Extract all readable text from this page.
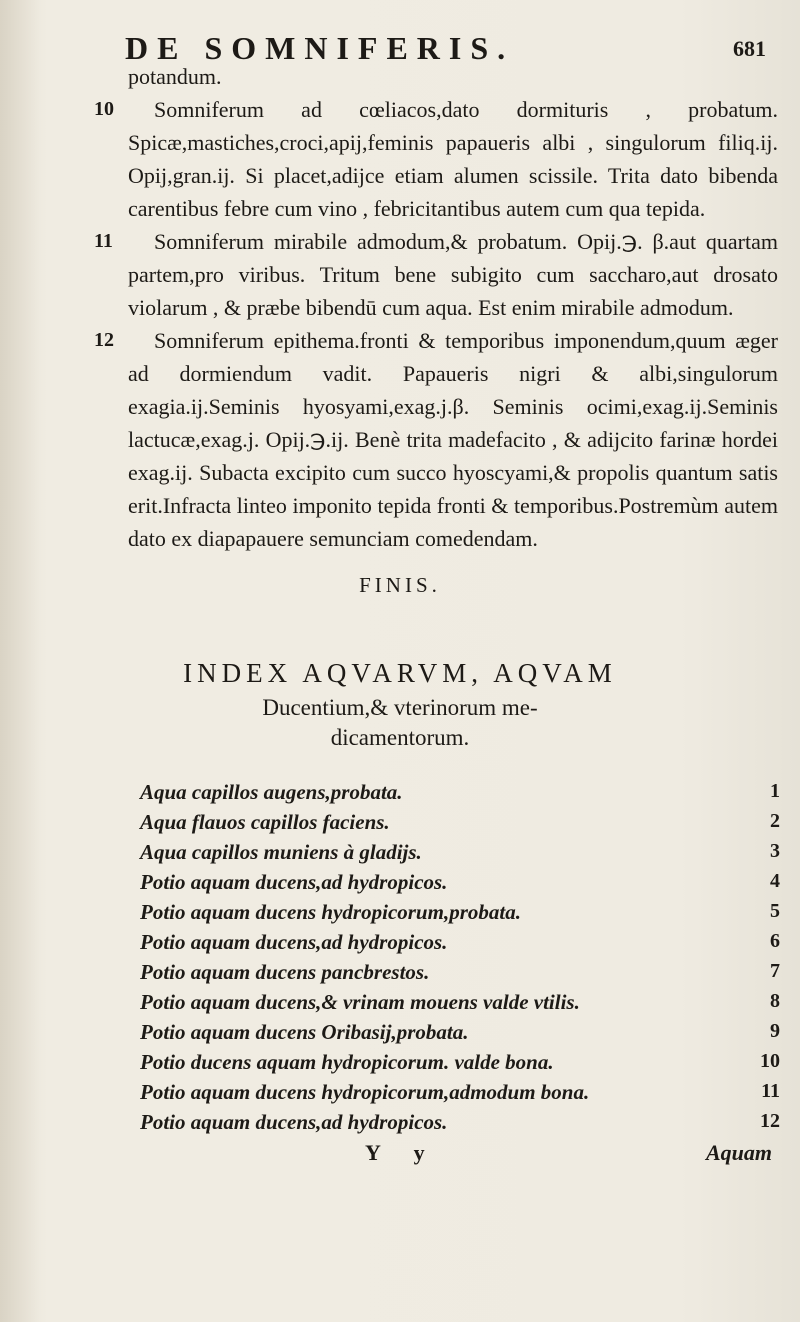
DE SOMNIFERIS.	681

potandum.

10 Somniferum ad cœliacos,dato dormituris , probatum. Spicæ,mastiches,croci,apij,feminis papaueris albi , singulorum filiq.ij. Opij,gran.ij. Si placet,adijce etiam alumen scissile. Trita dato bibenda carentibus febre cum vino , febricitantibus autem cum qua tepida.

11 Somniferum mirabile admodum,& probatum. Opij.℈. β.aut quartam partem,pro viribus. Tritum bene subigito cum saccharo,aut drosato violarum , & præbe bibendū cum aqua. Est enim mirabile admodum.

12 Somniferum epithema.fronti & temporibus imponendum,quum æger ad dormiendum vadit. Papaueris nigri & albi,singulorum exagia.ij.Seminis hyosyami,exag.j.β. Seminis ocimi,exag.ij.Seminis lactucæ,exag.j. Opij.℈.ij. Benè trita madefacito , & adijcito farinæ hordei exag.ij. Subacta excipito cum succo hyoscyami,& propolis quantum satis erit.Infracta linteo imponito tepida fronti & temporibus.Postremùm autem dato ex diapapauere semunciam comedendam.

FINIS.
INDEX AQVARVM, AQVAM
Ducentium,& vterinorum me-
dicamentorum.
Aqua capillos augens,probata.	1
Aqua flauos capillos faciens.	2
Aqua capillos muniens à gladijs.	3
Potio aquam ducens,ad hydropicos.	4
Potio aquam ducens hydropicorum,probata.	5
Potio aquam ducens,ad hydropicos.	6
Potio aquam ducens pancbrestos.	7
Potio aquam ducens,& vrinam mouens valde vtilis.	8
Potio aquam ducens Oribasij,probata.	9
Potio ducens aquam hydropicorum. valde bona.	10
Potio aquam ducens hydropicorum,admodum bona.	11
Potio aquam ducens,ad hydropicos.	12
Y y	Aquam
